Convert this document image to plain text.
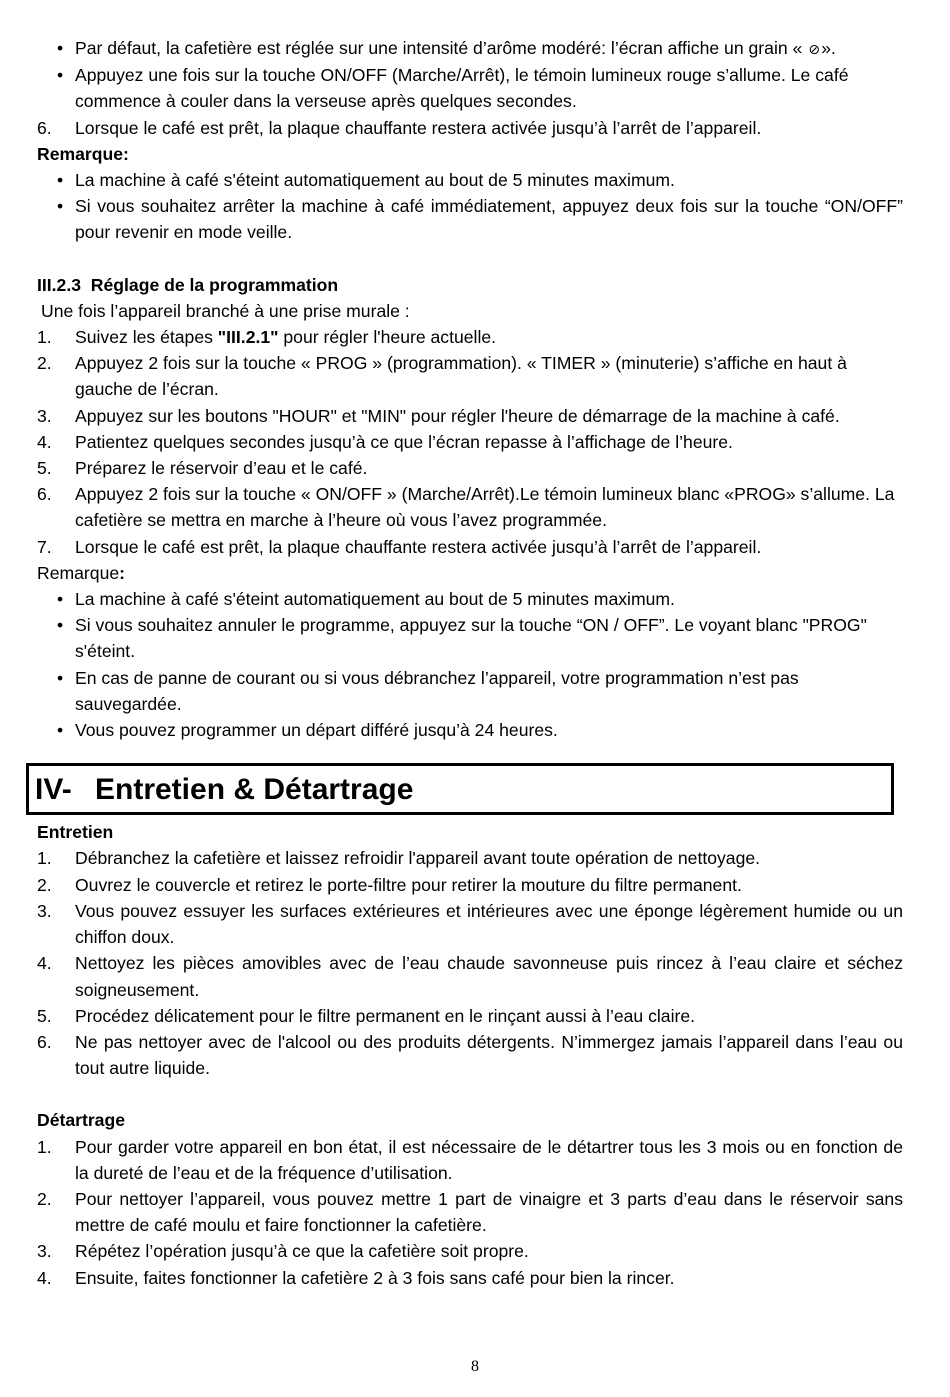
• Par défaut, la cafetière est réglée sur une intensité d’arôme modéré: l’écran affiche un grain « ⊘».

• Appuyez une fois sur la touche ON/OFF (Marche/Arrêt), le témoin lumineux rouge s’allume. Le café commence à couler dans la verseuse après quelques secondes.

6. Lorsque le café est prêt, la plaque chauffante restera activée jusqu’à l’arrêt de l’appareil.

Remarque:

• La machine à café s'éteint automatiquement au bout de 5 minutes maximum.

• Si vous souhaitez arrêter la machine à café immédiatement, appuyez deux fois sur la touche “ON/OFF” pour revenir en mode veille.

III.2.3 Réglage de la programmation

Une fois l’appareil branché à une prise murale :

1. Suivez les étapes "III.2.1" pour régler l'heure actuelle.

2. Appuyez 2 fois sur la touche « PROG » (programmation). « TIMER » (minuterie) s’affiche en haut à gauche de l’écran.

3. Appuyez sur les boutons "HOUR" et "MIN" pour régler l'heure de démarrage de la machine à café.

4. Patientez quelques secondes jusqu’à ce que l’écran repasse à l’affichage de l’heure.

5. Préparez le réservoir d’eau et le café.

6. Appuyez 2 fois sur la touche « ON/OFF » (Marche/Arrêt).Le témoin lumineux blanc «PROG» s’allume. La cafetière se mettra en marche à l’heure où vous l’avez programmée.

7. Lorsque le café est prêt, la plaque chauffante restera activée jusqu’à l’arrêt de l’appareil.

Remarque:

• La machine à café s'éteint automatiquement au bout de 5 minutes maximum.

• Si vous souhaitez annuler le programme, appuyez sur la touche “ON / OFF”. Le voyant blanc "PROG" s'éteint.

• En cas de panne de courant ou si vous débranchez l’appareil, votre programmation n’est pas sauvegardée.

• Vous pouvez programmer un départ différé jusqu’à 24 heures.

IV- Entretien & Détartrage

Entretien

1. Débranchez la cafetière et laissez refroidir l'appareil avant toute opération de nettoyage.

2. Ouvrez le couvercle et retirez le porte-filtre pour retirer la mouture du filtre permanent.

3. Vous pouvez essuyer les surfaces extérieures et intérieures avec une éponge légèrement humide ou un chiffon doux.

4. Nettoyez les pièces amovibles avec de l’eau chaude savonneuse puis rincez à l’eau claire et séchez soigneusement.

5. Procédez délicatement pour le filtre permanent en le rinçant aussi à l’eau claire.

6. Ne pas nettoyer avec de l'alcool ou des produits détergents. N’immergez jamais l’appareil dans l’eau ou tout autre liquide.

Détartrage

1. Pour garder votre appareil en bon état, il est nécessaire de le détartrer tous les 3 mois ou en fonction de la dureté de l’eau et de la fréquence d’utilisation.

2. Pour nettoyer l’appareil, vous pouvez mettre 1 part de vinaigre et 3 parts d’eau dans le réservoir sans mettre de café moulu et faire fonctionner la cafetière.

3. Répétez l’opération jusqu’à ce que la cafetière soit propre.

4. Ensuite, faites fonctionner la cafetière 2 à 3 fois sans café pour bien la rincer.

8
